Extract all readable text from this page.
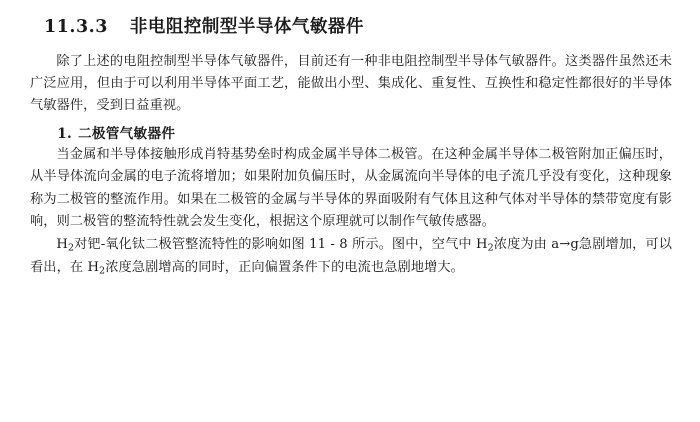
11.3.3 非电阻控制型半导体气敏器件

除了上述的电阻控制型半导体气敏器件，目前还有一种非电阻控制型半导体气敏器件。这类器件虽然还未广泛应用，但由于可以利用半导体平面工艺，能做出小型、集成化、重复性、互换性和稳定性都很好的半导体气敏器件，受到日益重视。

1. 二极管气敏器件

当金属和半导体接触形成肖特基势垒时构成金属半导体二极管。在这种金属半导体二极管附加正偏压时，从半导体流向金属的电子流将增加；如果附加负偏压时，从金属流向半导体的电子流几乎没有变化，这种现象称为二极管的整流作用。如果在二极管的金属与半导体的界面吸附有气体且这种气体对半导体的禁带宽度有影响，则二极管的整流特性就会发生变化，根据这个原理就可以制作气敏传感器。

$H_2$对钯-氧化钛二极管整流特性的影响如图 11 - 8 所示。图中，空气中 $H_2$浓度为由 a→g急剧增加，可以看出，在 $H_2$浓度急剧增高的同时，正向偏置条件下的电流也急剧地增大。
